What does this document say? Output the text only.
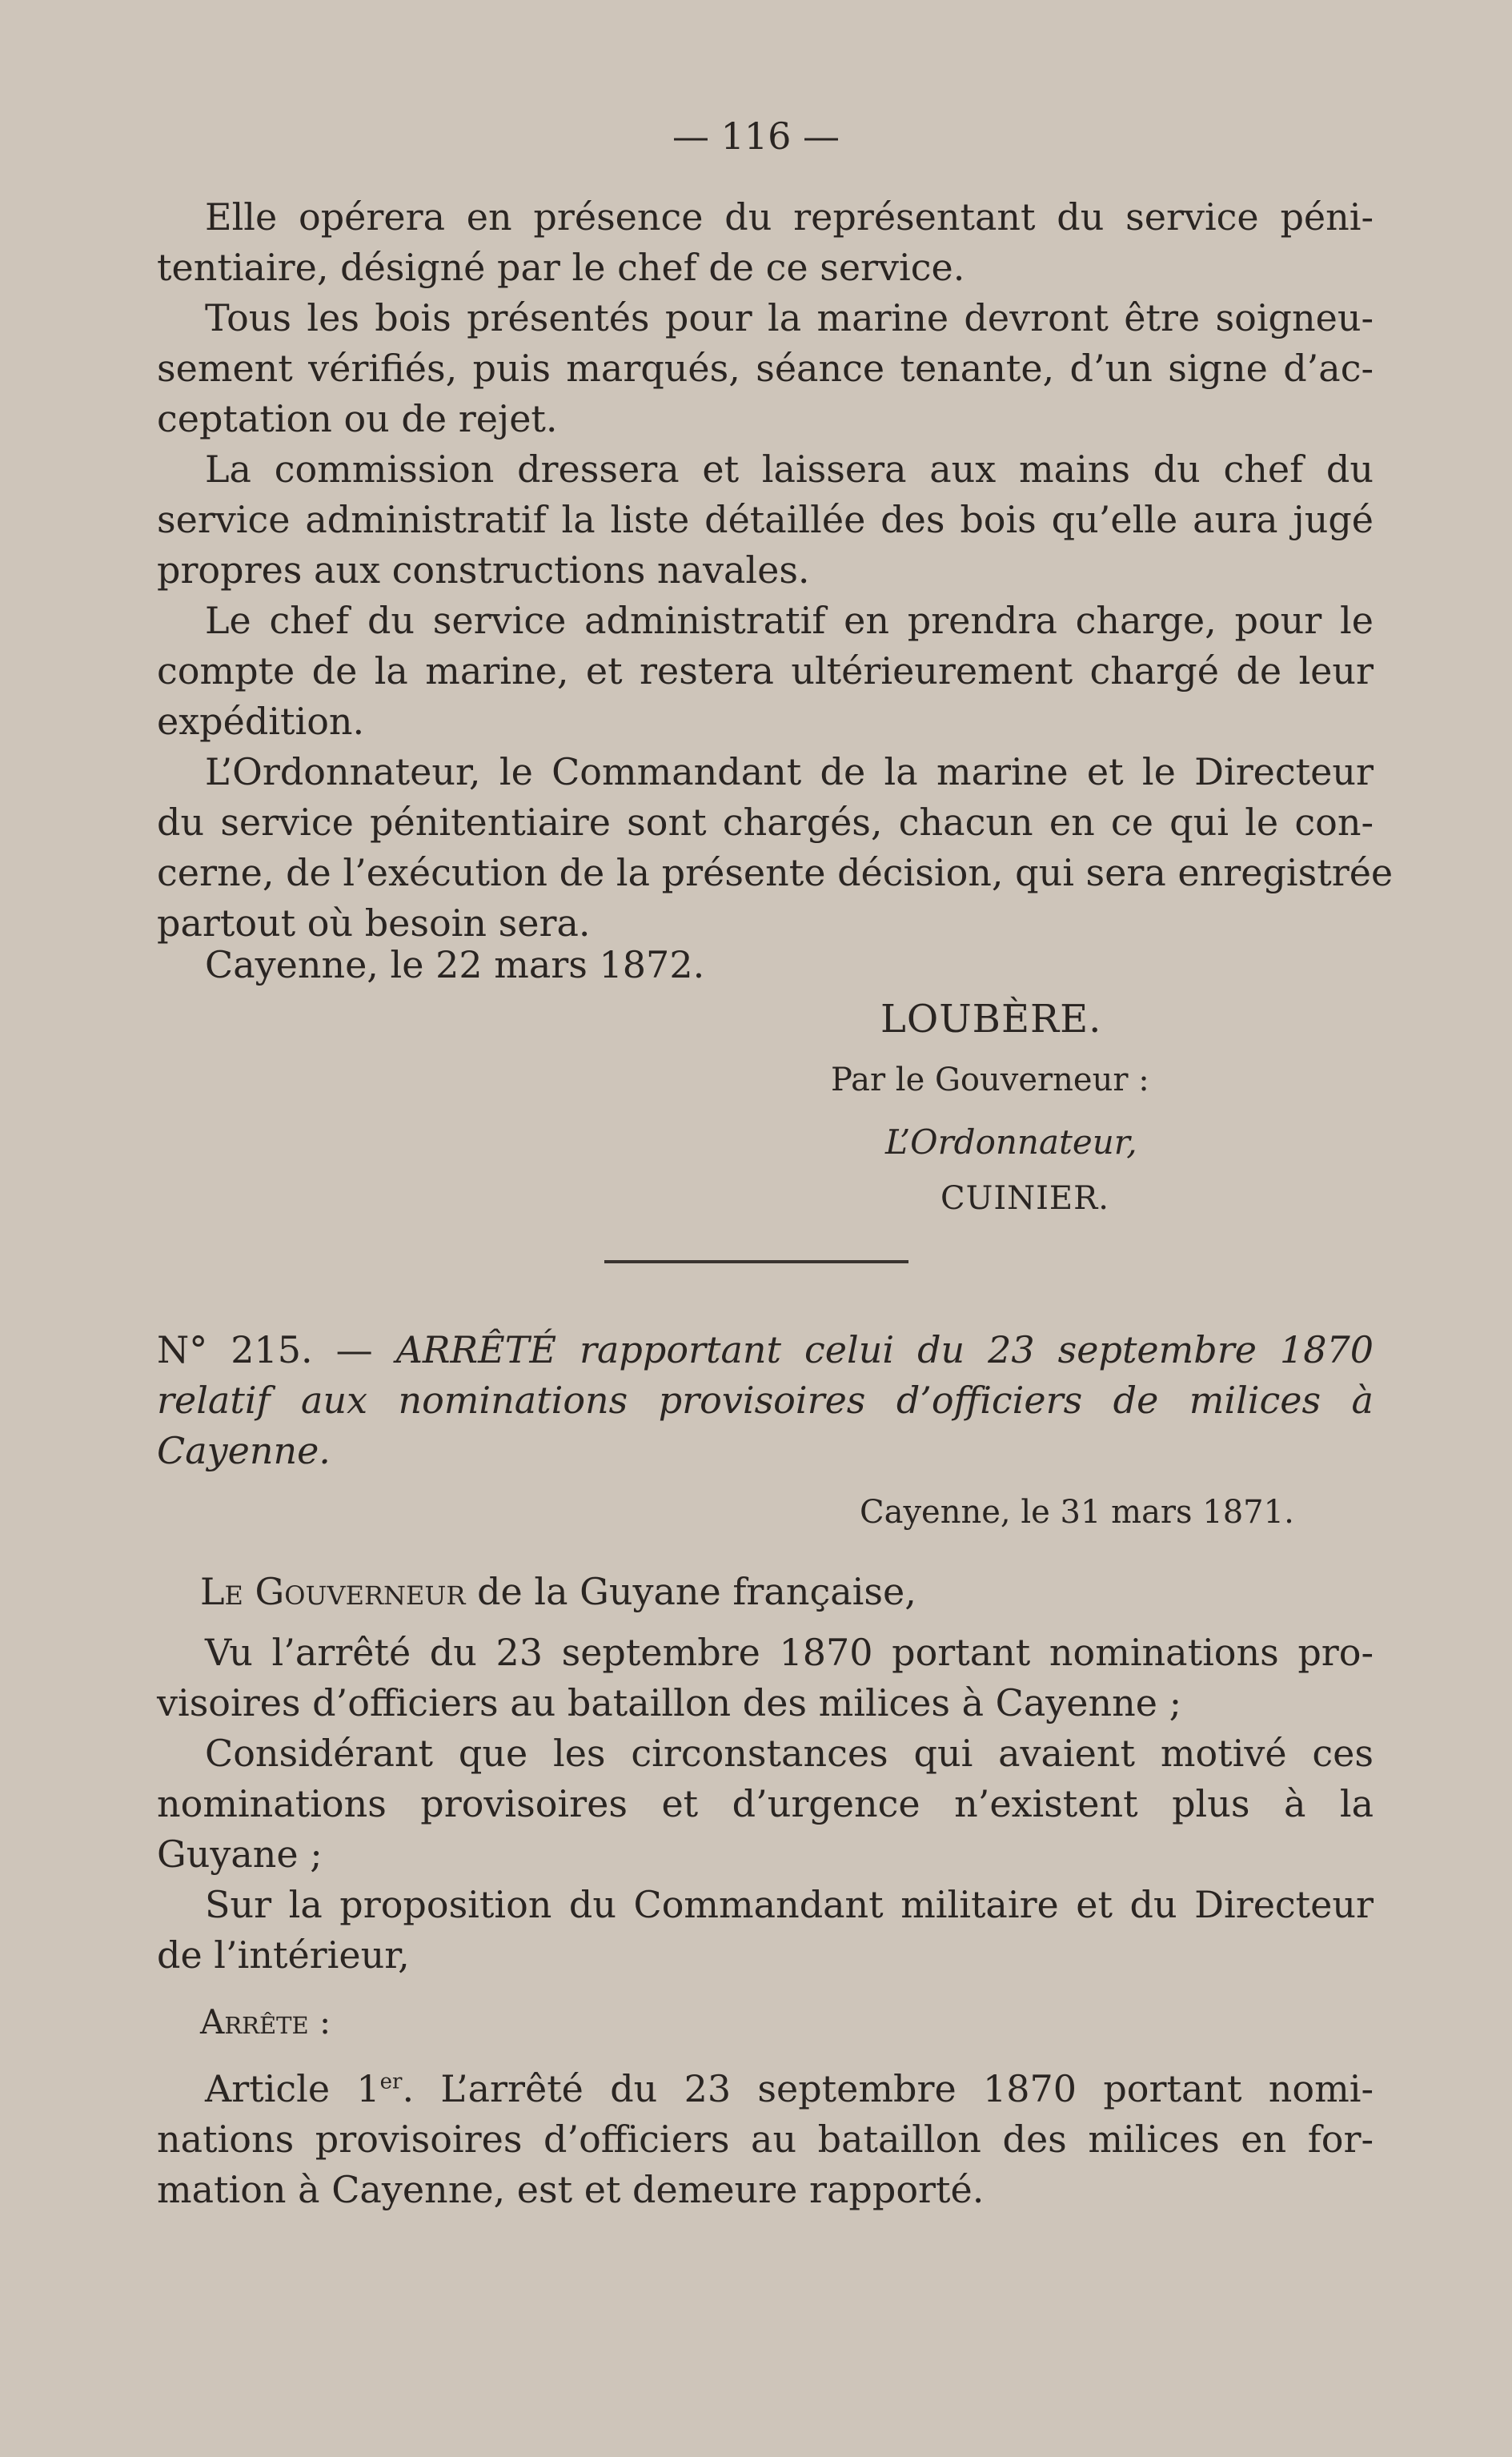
— 116 —
Elle opérera en présence du représentant du service péni-
tentiaire, désigné par le chef de ce service.
Tous les bois présentés pour la marine devront être soigneu-
sement vérifiés, puis marqués, séance tenante, d’un signe d’ac-
ceptation ou de rejet.
La commission dressera et laissera aux mains du chef du
service administratif la liste détaillée des bois qu’elle aura jugé
propres aux constructions navales.
Le chef du service administratif en prendra charge, pour le
compte de la marine, et restera ultérieurement chargé de leur
expédition.
L’Ordonnateur, le Commandant de la marine et le Directeur
du service pénitentiaire sont chargés, chacun en ce qui le con-
cerne, de l’exécution de la présente décision, qui sera enregistrée
partout où besoin sera.
Cayenne, le 22 mars 1872.
LOUBÈRE.
Par le Gouverneur :
L’Ordonnateur,
CUINIER.
N° 215. — ARRÊTÉ rapportant celui du 23 septembre 1870
relatif aux nominations provisoires d’officiers de milices à
Cayenne.
Cayenne, le 31 mars 1871.
Le Gouverneur de la Guyane française,
Vu l’arrêté du 23 septembre 1870 portant nominations pro-
visoires d’officiers au bataillon des milices à Cayenne ;
Considérant que les circonstances qui avaient motivé ces
nominations provisoires et d’urgence n’existent plus à la
Guyane ;
Sur la proposition du Commandant militaire et du Directeur
de l’intérieur,
Arrête :
Article 1er. L’arrêté du 23 septembre 1870 portant nomi-
nations provisoires d’officiers au bataillon des milices en for-
mation à Cayenne, est et demeure rapporté.
